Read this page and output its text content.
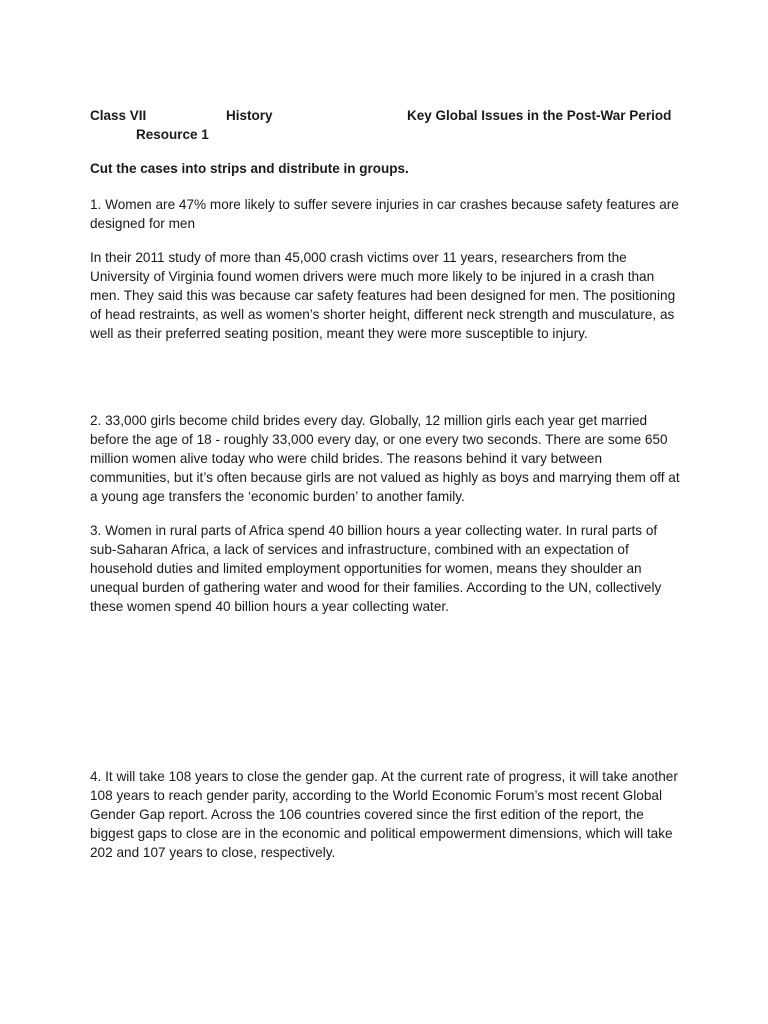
Class VII	History	Key Global Issues in the Post-War Period
Resource 1
Cut the cases into strips and distribute in groups.

1. Women are 47% more likely to suffer severe injuries in car crashes because safety features are designed for men

In their 2011 study of more than 45,000 crash victims over 11 years, researchers from the University of Virginia found women drivers were much more likely to be injured in a crash than men. They said this was because car safety features had been designed for men. The positioning of head restraints, as well as women’s shorter height, different neck strength and musculature, as well as their preferred seating position, meant they were more susceptible to injury.

2. 33,000 girls become child brides every day. Globally, 12 million girls each year get married before the age of 18 - roughly 33,000 every day, or one every two seconds. There are some 650 million women alive today who were child brides. The reasons behind it vary between communities, but it’s often because girls are not valued as highly as boys and marrying them off at a young age transfers the ‘economic burden’ to another family.

3. Women in rural parts of Africa spend 40 billion hours a year collecting water. In rural parts of sub-Saharan Africa, a lack of services and infrastructure, combined with an expectation of household duties and limited employment opportunities for women, means they shoulder an unequal burden of gathering water and wood for their families. According to the UN, collectively these women spend 40 billion hours a year collecting water.

4. It will take 108 years to close the gender gap. At the current rate of progress, it will take another 108 years to reach gender parity, according to the World Economic Forum’s most recent Global Gender Gap report. Across the 106 countries covered since the first edition of the report, the biggest gaps to close are in the economic and political empowerment dimensions, which will take 202 and 107 years to close, respectively.
